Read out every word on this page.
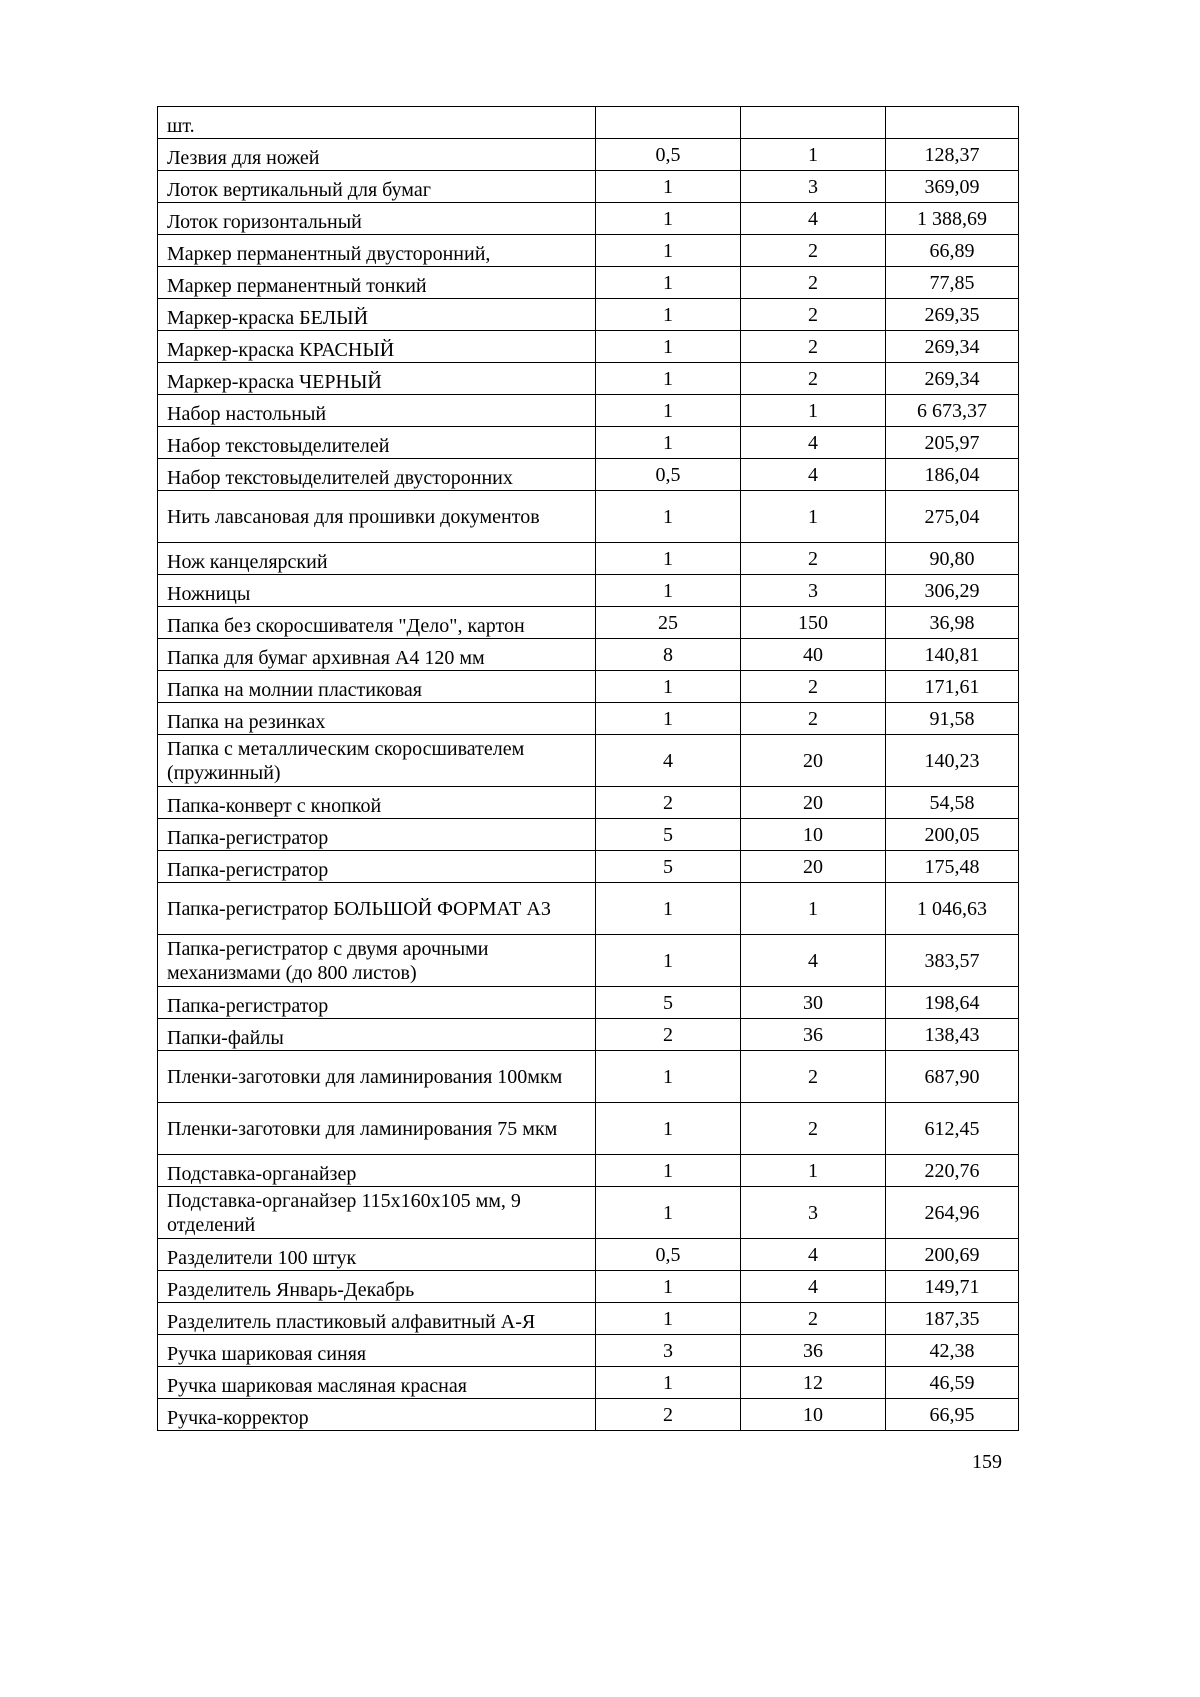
шт.			
Лезвия для ножей	0,5	1	128,37
Лоток вертикальный для бумаг	1	3	369,09
Лоток горизонтальный	1	4	1 388,69
Маркер перманентный двусторонний,	1	2	66,89
Маркер перманентный тонкий	1	2	77,85
Маркер-краска БЕЛЫЙ	1	2	269,35
Маркер-краска КРАСНЫЙ	1	2	269,34
Маркер-краска ЧЕРНЫЙ	1	2	269,34
Набор настольный	1	1	6 673,37
Набор текстовыделителей	1	4	205,97
Набор текстовыделителей двусторонних	0,5	4	186,04
Нить лавсановая для прошивки документов	1	1	275,04
Нож канцелярский	1	2	90,80
Ножницы	1	3	306,29
Папка без скоросшивателя "Дело", картон	25	150	36,98
Папка для бумаг архивная А4 120 мм	8	40	140,81
Папка на молнии пластиковая	1	2	171,61
Папка на резинках	1	2	91,58
Папка с металлическим скоросшивателем (пружинный)	4	20	140,23
Папка-конверт с кнопкой	2	20	54,58
Папка-регистратор	5	10	200,05
Папка-регистратор	5	20	175,48
Папка-регистратор БОЛЬШОЙ ФОРМАТ А3	1	1	1 046,63
Папка-регистратор с двумя арочными механизмами (до 800 листов)	1	4	383,57
Папка-регистратор	5	30	198,64
Папки-файлы	2	36	138,43
Пленки-заготовки для ламинирования 100мкм	1	2	687,90
Пленки-заготовки для ламинирования 75 мкм	1	2	612,45
Подставка-органайзер	1	1	220,76
Подставка-органайзер 115х160х105 мм, 9 отделений	1	3	264,96
Разделители 100 штук	0,5	4	200,69
Разделитель Январь-Декабрь	1	4	149,71
Разделитель пластиковый алфавитный А-Я	1	2	187,35
Ручка шариковая синяя	3	36	42,38
Ручка шариковая масляная красная	1	12	46,59
Ручка-корректор	2	10	66,95
159
